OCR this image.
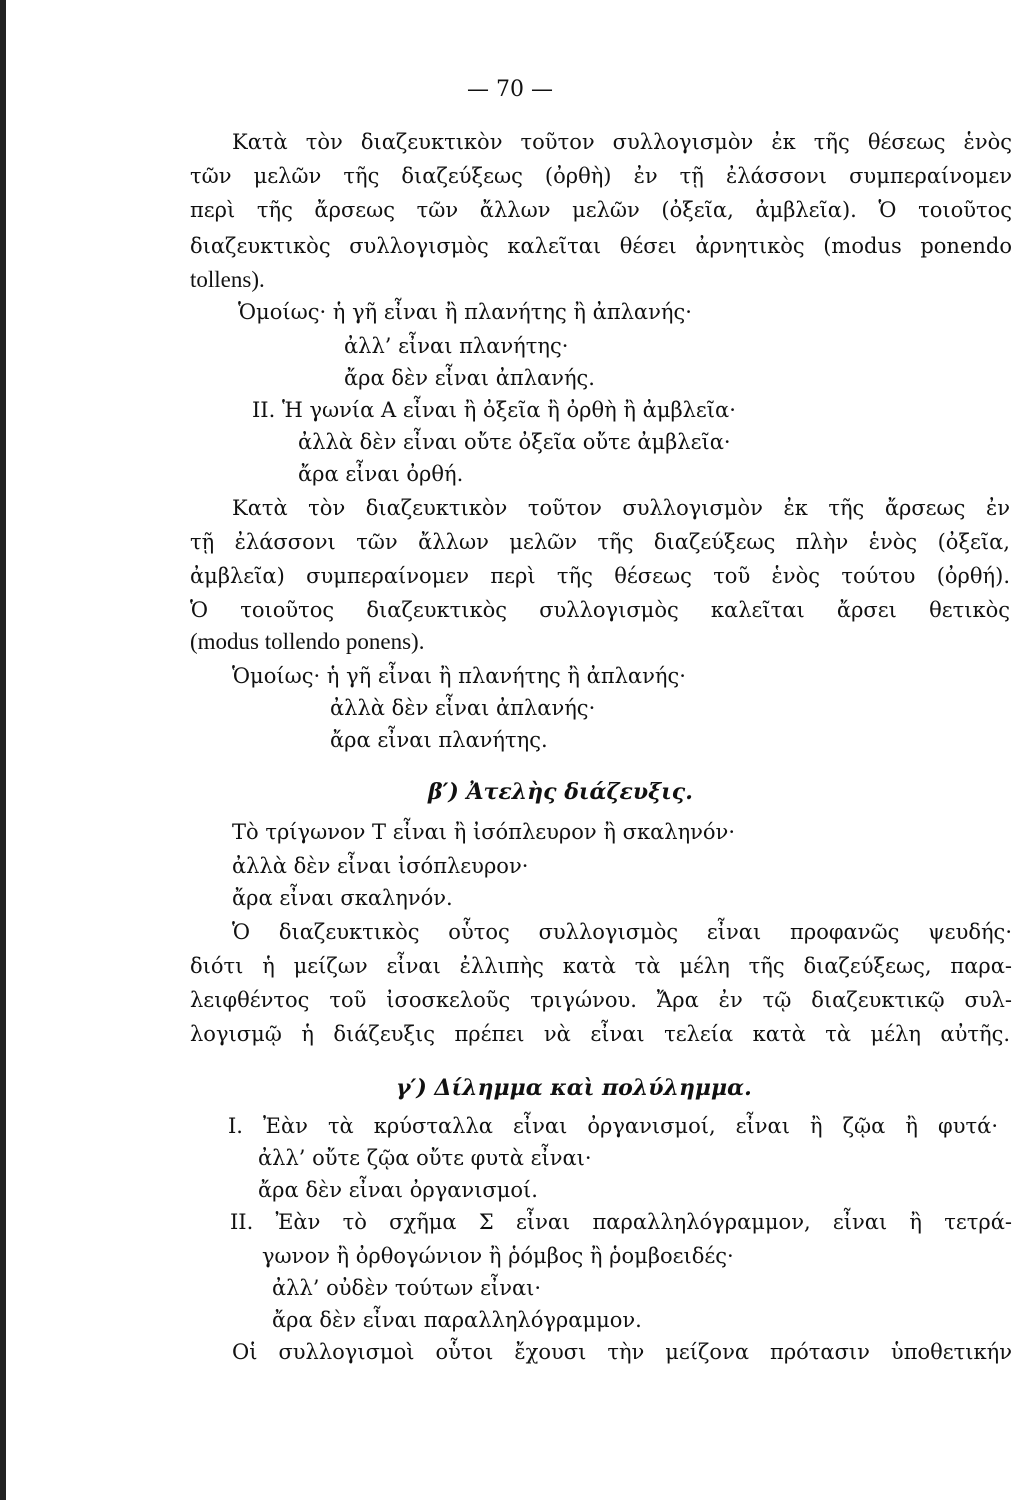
— 70 —
Κατὰ τὸν διαζευκτικὸν τοῦτον συλλογισμὸν ἐκ τῆς θέσεως ἑνὸς
τῶν μελῶν τῆς διαζεύξεως (ὀρθὴ) ἐν τῇ ἐλάσσονι συμπεραίνομεν
περὶ τῆς ἄρσεως τῶν ἄλλων μελῶν (ὀξεῖα, ἀμβλεῖα). Ὁ τοιοῦτος
διαζευκτικὸς συλλογισμὸς καλεῖται θέσει ἀρνητικὸς (modus ponendo
tollens).
Ὁμοίως· ἡ γῆ εἶναι ἢ πλανήτης ἢ ἀπλανής·
ἀλλ’ εἶναι πλανήτης·
ἄρα δὲν εἶναι ἀπλανής.
ΙΙ. Ἡ γωνία Α εἶναι ἢ ὀξεῖα ἢ ὀρθὴ ἢ ἀμβλεῖα·
ἀλλὰ δὲν εἶναι οὔτε ὀξεῖα οὔτε ἀμβλεῖα·
ἄρα εἶναι ὀρθή.
Κατὰ τὸν διαζευκτικὸν τοῦτον συλλογισμὸν ἐκ τῆς ἄρσεως ἐν
τῇ ἐλάσσονι τῶν ἄλλων μελῶν τῆς διαζεύξεως πλὴν ἑνὸς (ὀξεῖα,
ἀμβλεῖα) συμπεραίνομεν περὶ τῆς θέσεως τοῦ ἑνὸς τούτου (ὀρθή).
Ὁ τοιοῦτος διαζευκτικὸς συλλογισμὸς καλεῖται ἄρσει θετικὸς
(modus tollendo ponens).
Ὁμοίως· ἡ γῆ εἶναι ἢ πλανήτης ἢ ἀπλανής·
ἀλλὰ δὲν εἶναι ἀπλανής·
ἄρα εἶναι πλανήτης.
β′) Ἀτελὴς διάζευξις.
Τὸ τρίγωνον Τ εἶναι ἢ ἰσόπλευρον ἢ σκαληνόν·
ἀλλὰ δὲν εἶναι ἰσόπλευρον·
ἄρα εἶναι σκαληνόν.
Ὁ διαζευκτικὸς οὗτος συλλογισμὸς εἶναι προφανῶς ψευδής·
διότι ἡ μείζων εἶναι ἐλλιπὴς κατὰ τὰ μέλη τῆς διαζεύξεως, παρα-
λειφθέντος τοῦ ἰσοσκελοῦς τριγώνου. Ἄρα ἐν τῷ διαζευκτικῷ συλ-
λογισμῷ ἡ διάζευξις πρέπει νὰ εἶναι τελεία κατὰ τὰ μέλη αὐτῆς.
γ′) Δίλημμα καὶ πολύλημμα.
Ι. Ἐὰν τὰ κρύσταλλα εἶναι ὀργανισμοί, εἶναι ἢ ζῷα ἢ φυτά·
ἀλλ’ οὔτε ζῷα οὔτε φυτὰ εἶναι·
ἄρα δὲν εἶναι ὀργανισμοί.
ΙΙ. Ἐὰν τὸ σχῆμα Σ εἶναι παραλληλόγραμμον, εἶναι ἢ τετρά-
γωνον ἢ ὀρθογώνιον ἢ ῥόμβος ἢ ῥομβοειδές·
ἀλλ’ οὐδὲν τούτων εἶναι·
ἄρα δὲν εἶναι παραλληλόγραμμον.
Οἱ συλλογισμοὶ οὗτοι ἔχουσι τὴν μείζονα πρότασιν ὑποθετικήν
